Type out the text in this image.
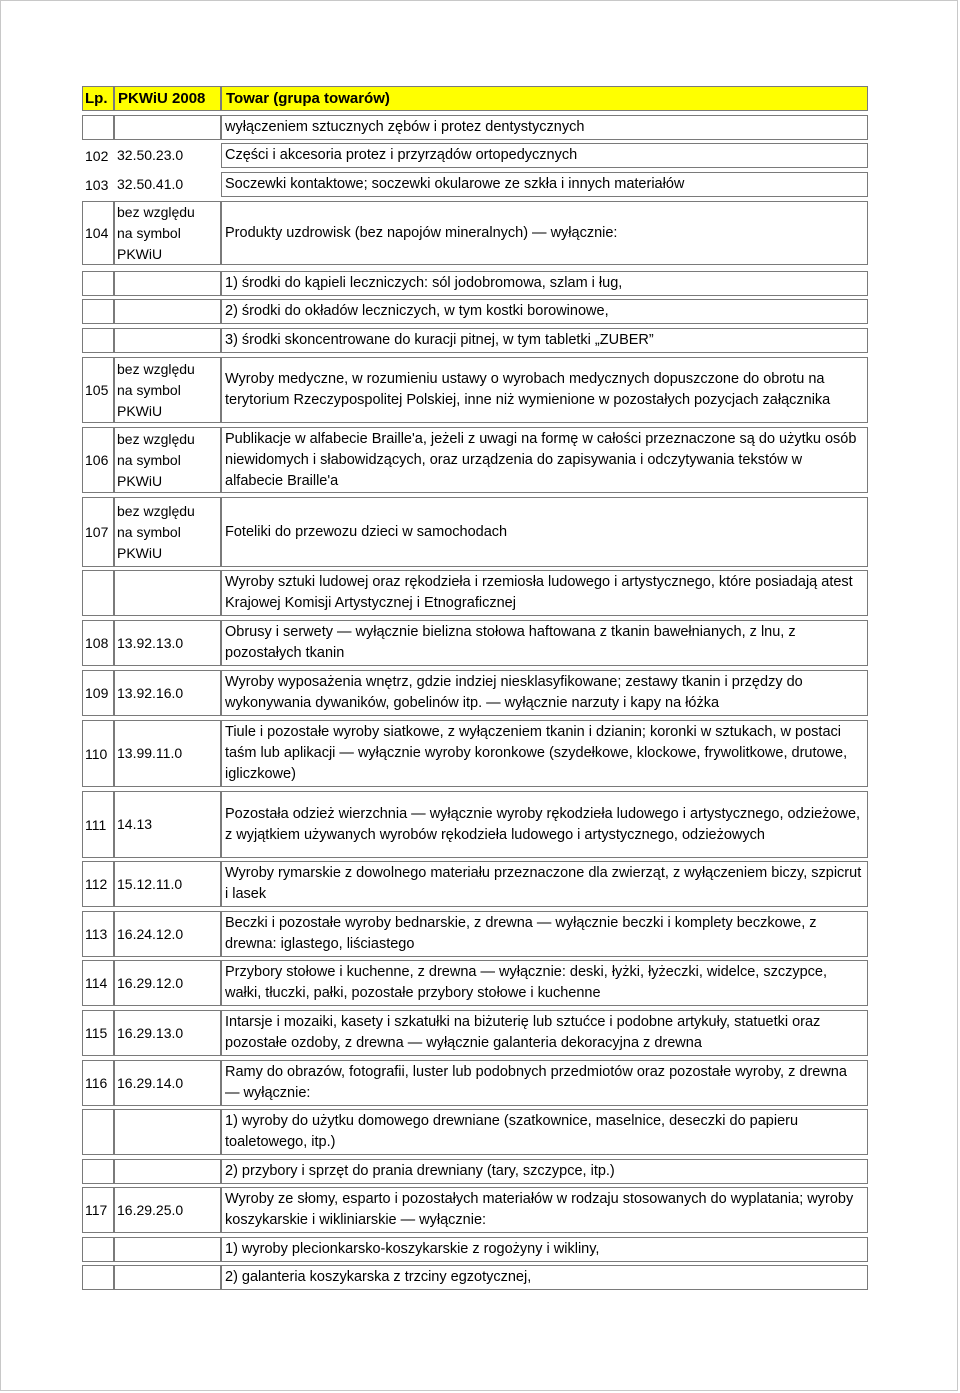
Lp. PKWiU 2008 Towar (grupa towarów)
wyłączeniem sztucznych zębów i protez dentystycznych
102 32.50.23.0	Części i akcesoria protez i przyrządów ortopedycznych
103 32.50.41.0	Soczewki kontaktowe; soczewki okularowe ze szkła i innych materiałów
104
bez względu na symbol PKWiU
Produkty uzdrowisk (bez napojów mineralnych) — wyłącznie:
1) środki do kąpieli leczniczych: sól jodobromowa, szlam i ług,
2) środki do okładów leczniczych, w tym kostki borowinowe,
3) środki skoncentrowane do kuracji pitnej, w tym tabletki „ZUBER”
105
bez względu na symbol PKWiU
Wyroby medyczne, w rozumieniu ustawy o wyrobach medycznych dopuszczone do obrotu na terytorium Rzeczypospolitej Polskiej, inne niż wymienione w pozostałych pozycjach załącznika
106
bez względu na symbol PKWiU
Publikacje w alfabecie Braille'a, jeżeli z uwagi na formę w całości przeznaczone są do użytku osób niewidomych i słabowidzących, oraz urządzenia do zapisywania i odczytywania tekstów w alfabecie Braille'a
107
bez względu na symbol PKWiU
Foteliki do przewozu dzieci w samochodach
Wyroby sztuki ludowej oraz rękodzieła i rzemiosła ludowego i artystycznego, które posiadają atest Krajowej Komisji Artystycznej i Etnograficznej
108 13.92.13.0
Obrusy i serwety — wyłącznie bielizna stołowa haftowana z tkanin bawełnianych, z lnu, z pozostałych tkanin
109 13.92.16.0
Wyroby wyposażenia wnętrz, gdzie indziej niesklasyfikowane; zestawy tkanin i przędzy do wykonywania dywaników, gobelinów itp. — wyłącznie narzuty i kapy na łóżka
110 13.99.11.0
Tiule i pozostałe wyroby siatkowe, z wyłączeniem tkanin i dzianin; koronki w sztukach, w postaci taśm lub aplikacji — wyłącznie wyroby koronkowe (szydełkowe, klockowe, frywolitkowe, drutowe, igliczkowe)
111 14.13
Pozostała odzież wierzchnia — wyłącznie wyroby rękodzieła ludowego i artystycznego, odzieżowe, z wyjątkiem używanych wyrobów rękodzieła ludowego i artystycznego, odzieżowych
112 15.12.11.0
Wyroby rymarskie z dowolnego materiału przeznaczone dla zwierząt, z wyłączeniem biczy, szpicrut i lasek
113 16.24.12.0
Beczki i pozostałe wyroby bednarskie, z drewna — wyłącznie beczki i komplety beczkowe, z drewna: iglastego, liściastego
114 16.29.12.0
Przybory stołowe i kuchenne, z drewna — wyłącznie: deski, łyżki, łyżeczki, widelce, szczypce, wałki, tłuczki, pałki, pozostałe przybory stołowe i kuchenne
115 16.29.13.0
Intarsje i mozaiki, kasety i szkatułki na biżuterię lub sztućce i podobne artykuły, statuetki oraz pozostałe ozdoby, z drewna — wyłącznie galanteria dekoracyjna z drewna
116 16.29.14.0
Ramy do obrazów, fotografii, luster lub podobnych przedmiotów oraz pozostałe wyroby, z drewna — wyłącznie:
1) wyroby do użytku domowego drewniane (szatkownice, maselnice, deseczki do papieru toaletowego, itp.)
2) przybory i sprzęt do prania drewniany (tary, szczypce, itp.)
117 16.29.25.0
Wyroby ze słomy, esparto i pozostałych materiałów w rodzaju stosowanych do wyplatania; wyroby koszykarskie i wikliniarskie — wyłącznie:
1) wyroby plecionkarsko-koszykarskie z rogożyny i wikliny,
2) galanteria koszykarska z trzciny egzotycznej,
